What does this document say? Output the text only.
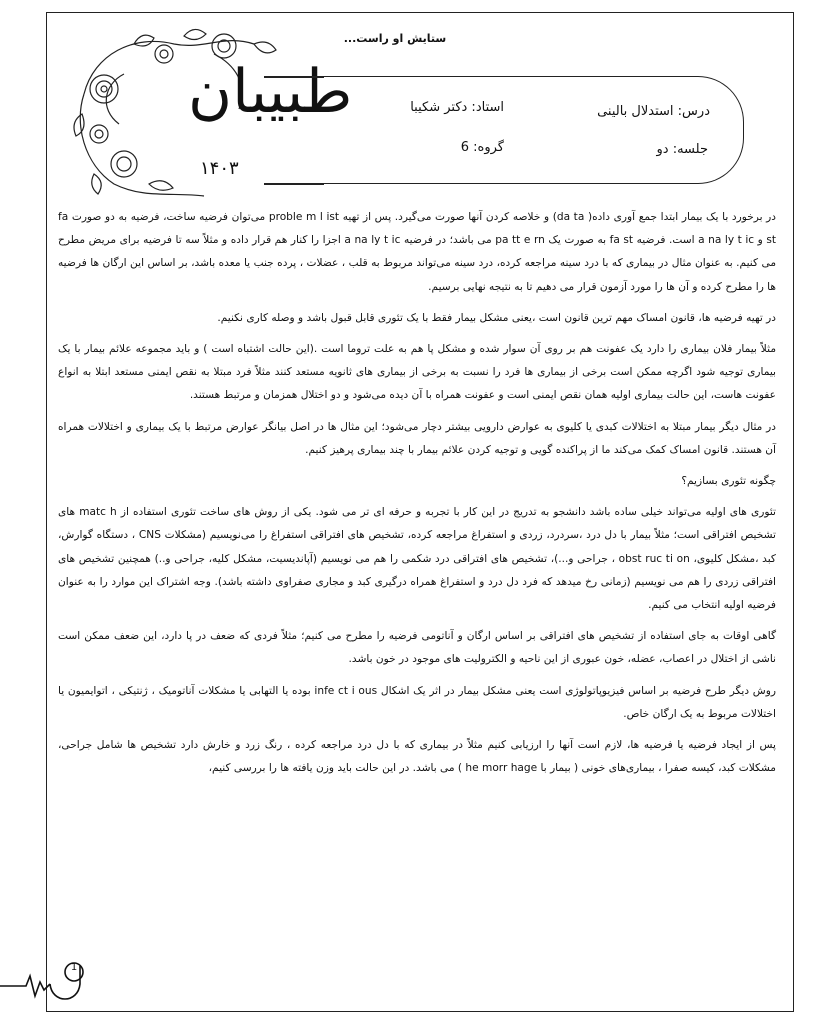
ستایش او راست...
طبیبان
۱۴۰۳
درس: استدلال بالینی
استاد: دکتر شکیبا
جلسه: دو
گروه: 6

در برخورد با یک بیمار ابتدا جمع آوری داده( da ta) و خلاصه کردن آنها صورت می‌گیرد. پس از تهیه proble m l ist می‌توان فرضیه ساخت، فرضیه به دو صورت fa st و a na ly t ic است. فرضیه fa st به صورت یک pa tt e rn می باشد؛ در فرضیه a na ly t ic اجزا را کنار هم قرار داده و مثلاً سه تا فرضیه برای مریض مطرح می کنیم. به عنوان مثال در بیماری که با درد سینه مراجعه کرده، درد سینه می‌تواند مربوط به قلب ، عضلات ، پرده جنب یا معده باشد، بر اساس این ارگان ها فرضیه ها را مطرح کرده و آن ها را مورد آزمون قرار می دهیم تا به نتیجه نهایی برسیم.

در تهیه فرضیه ها، قانون امساک مهم ترین قانون است ،یعنی مشکل بیمار فقط با یک تئوری قابل قبول باشد و وصله کاری نکنیم.

مثلاً بیمار فلان بیماری را دارد یک عفونت هم بر روی آن سوار شده و مشکل پا هم به علت تروما است .(این حالت اشتباه است ) و باید مجموعه علائم بیمار با یک بیماری توجیه شود اگرچه ممکن است برخی از بیماری ها فرد را نسبت به برخی از بیماری های ثانویه مستعد کنند مثلاً فرد مبتلا به نقص ایمنی مستعد ابتلا به انواع عفونت هاست، این حالت بیماری اولیه همان نقص ایمنی است و عفونت همراه با آن دیده می‌شود و دو اختلال همزمان و مرتبط هستند.

در مثال دیگر بیمار مبتلا به اختلالات کبدی یا کلیوی به عوارض دارویی بیشتر دچار می‌شود؛ این مثال ها در اصل بیانگر عوارض مرتبط با یک بیماری و اختلالات همراه آن هستند. قانون امساک کمک می‌کند ما از پراکنده گویی و توجیه کردن علائم بیمار با چند بیماری پرهیز کنیم.

چگونه تئوری بسازیم؟

تئوری های اولیه می‌تواند خیلی ساده باشد دانشجو به تدریج در این کار با تجربه و حرفه ای تر می شود. یکی از روش های ساخت تئوری استفاده از matc h های تشخیص افتراقی است؛ مثلاً بیمار با دل درد ،سردرد، زردی و استفراغ مراجعه کرده، تشخیص های افتراقی استفراغ را می‌نویسیم (مشکلات CNS ، دستگاه گوارش، کبد ،مشکل کلیوی، obst ruc ti on ، جراحی و...)، تشخیص های افتراقی درد شکمی را هم می نویسیم (آپاندیسیت، مشکل کلیه، جراحی و..) همچنین تشخیص های افتراقی زردی را هم می نویسیم (زمانی رخ میدهد که فرد دل درد و استفراغ همراه درگیری کبد و مجاری صفراوی داشته باشد). وجه اشتراک این موارد را به عنوان فرضیه اولیه انتخاب می کنیم.

گاهی اوقات به جای استفاده از تشخیص های افتراقی بر اساس ارگان و آناتومی فرضیه را مطرح می کنیم؛ مثلاً فردی که ضعف در پا دارد، این ضعف ممکن است ناشی از اختلال در اعصاب، عضله، خون عبوری از این ناحیه و الکترولیت های موجود در خون باشد.

روش دیگر طرح فرضیه بر اساس فیزیوپاتولوژی است یعنی مشکل بیمار در اثر یک اشکال infe ct i ous بوده یا التهابی یا مشکلات آناتومیک ، ژنتیکی ، اتوایمیون یا اختلالات مربوط به یک ارگان خاص.

پس از ایجاد فرضیه یا فرضیه ها، لازم است آنها را ارزیابی کنیم مثلاً در بیماری که با دل درد مراجعه کرده ، رنگ زرد و خارش دارد تشخیص ها شامل جراحی، مشکلات کبد، کیسه صفرا ، بیماری‌های خونی ( بیمار با he morr hage ) می باشد. در این حالت باید وزن یافته ها را بررسی کنیم،

1
